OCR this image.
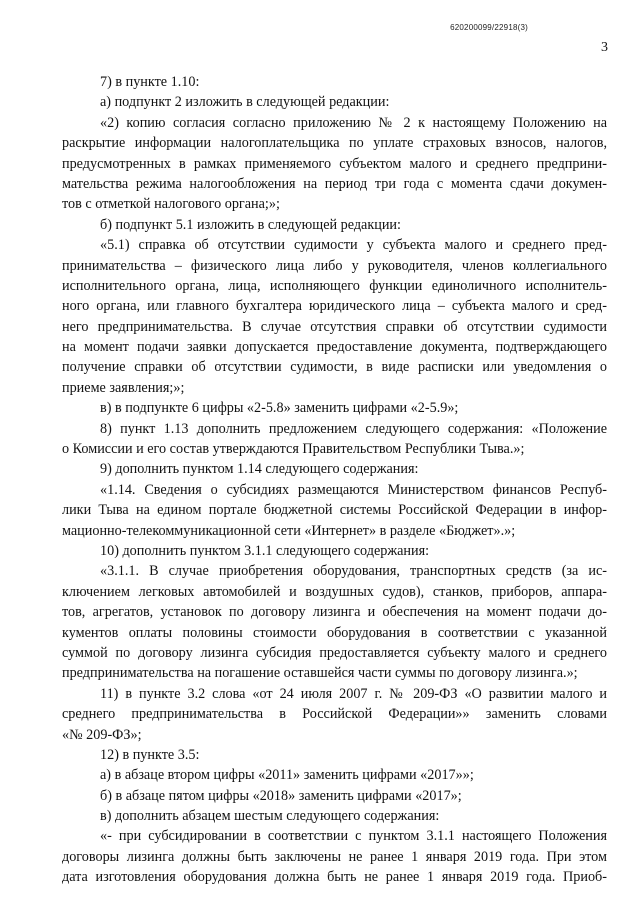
620200099/22918(3)
3
7) в пункте 1.10:
а) подпункт 2 изложить в следующей редакции:
«2) копию согласия согласно приложению № 2 к настоящему Положению на
раскрытие информации налогоплательщика по уплате страховых взносов, налогов,
предусмотренных в рамках применяемого субъектом малого и среднего предприни-
мательства режима налогообложения на период три года с момента сдачи докумен-
тов с отметкой налогового органа;»;
б) подпункт 5.1 изложить в следующей редакции:
«5.1) справка об отсутствии судимости у субъекта малого и среднего пред-
принимательства – физического лица либо у руководителя, членов коллегиального
исполнительного органа, лица, исполняющего функции единоличного исполнитель-
ного органа, или главного бухгалтера юридического лица – субъекта малого и сред-
него предпринимательства. В случае отсутствия справки об отсутствии судимости
на момент подачи заявки допускается предоставление документа, подтверждающего
получение справки об отсутствии судимости, в виде расписки или уведомления о
приеме заявления;»;
в) в подпункте 6 цифры «2-5.8» заменить цифрами «2-5.9»;
8) пункт 1.13 дополнить предложением следующего содержания: «Положение
о Комиссии и его состав утверждаются Правительством Республики Тыва.»;
9) дополнить пунктом 1.14 следующего содержания:
«1.14. Сведения о субсидиях размещаются Министерством финансов Респуб-
лики Тыва на едином портале бюджетной системы Российской Федерации в инфор-
мационно-телекоммуникационной сети «Интернет» в разделе «Бюджет».»;
10) дополнить пунктом 3.1.1 следующего содержания:
«3.1.1. В случае приобретения оборудования, транспортных средств (за ис-
ключением легковых автомобилей и воздушных судов), станков, приборов, аппара-
тов, агрегатов, установок по договору лизинга и обеспечения на момент подачи до-
кументов оплаты половины стоимости оборудования в соответствии с указанной
суммой по договору лизинга субсидия предоставляется субъекту малого и среднего
предпринимательства на погашение оставшейся части суммы по договору лизинга.»;
11) в пункте 3.2 слова «от 24 июля 2007 г. № 209-ФЗ «О развитии малого и
среднего предпринимательства в Российской Федерации»» заменить словами
«№ 209-ФЗ»;
12) в пункте 3.5:
а) в абзаце втором цифры «2011» заменить цифрами «2017»»;
б) в абзаце пятом цифры «2018» заменить цифрами «2017»;
в) дополнить абзацем шестым следующего содержания:
«- при субсидировании в соответствии с пунктом 3.1.1 настоящего Положения
договоры лизинга должны быть заключены не ранее 1 января 2019 года. При этом
дата изготовления оборудования должна быть не ранее 1 января 2019 года. Приоб-
